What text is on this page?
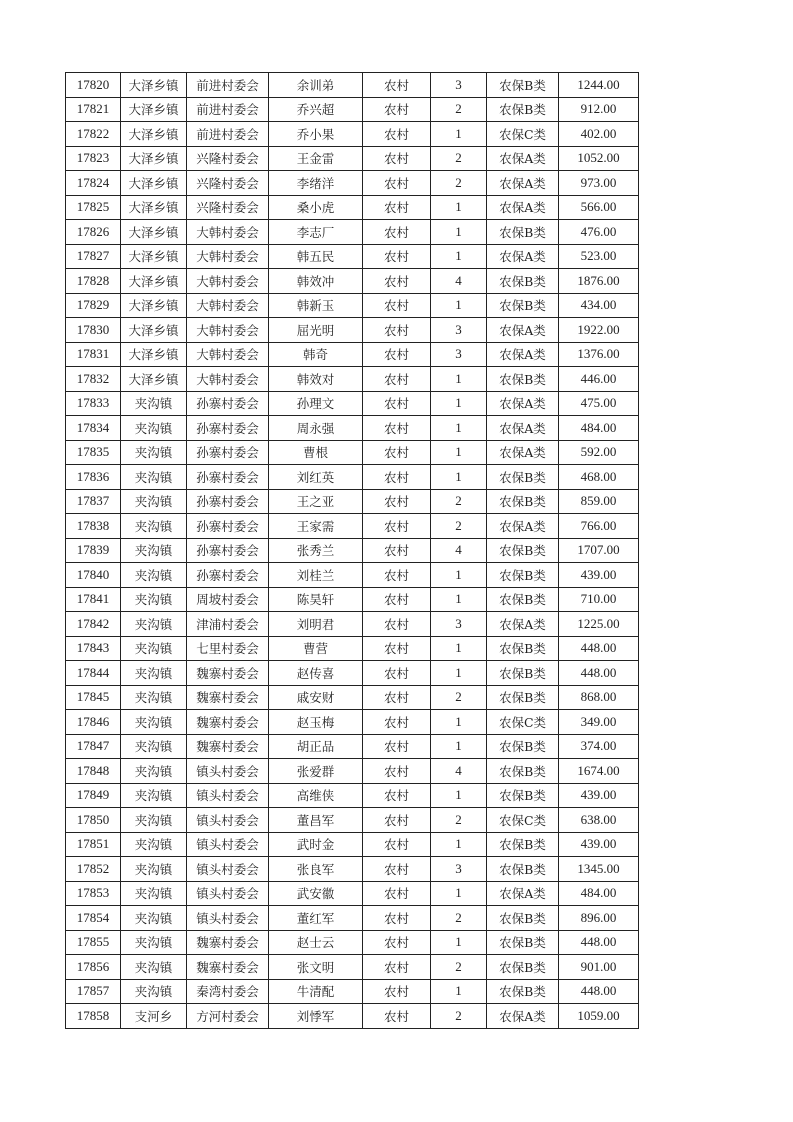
17820	大泽乡镇	前进村委会	余训弟	农村	3	农保B类	1244.00
17821	大泽乡镇	前进村委会	乔兴超	农村	2	农保B类	912.00
17822	大泽乡镇	前进村委会	乔小果	农村	1	农保C类	402.00
17823	大泽乡镇	兴隆村委会	王金雷	农村	2	农保A类	1052.00
17824	大泽乡镇	兴隆村委会	李绪洋	农村	2	农保A类	973.00
17825	大泽乡镇	兴隆村委会	桑小虎	农村	1	农保A类	566.00
17826	大泽乡镇	大韩村委会	李志厂	农村	1	农保B类	476.00
17827	大泽乡镇	大韩村委会	韩五民	农村	1	农保A类	523.00
17828	大泽乡镇	大韩村委会	韩效冲	农村	4	农保B类	1876.00
17829	大泽乡镇	大韩村委会	韩新玉	农村	1	农保B类	434.00
17830	大泽乡镇	大韩村委会	屈光明	农村	3	农保A类	1922.00
17831	大泽乡镇	大韩村委会	韩奇	农村	3	农保A类	1376.00
17832	大泽乡镇	大韩村委会	韩效对	农村	1	农保B类	446.00
17833	夹沟镇	孙寨村委会	孙理文	农村	1	农保A类	475.00
17834	夹沟镇	孙寨村委会	周永强	农村	1	农保A类	484.00
17835	夹沟镇	孙寨村委会	曹根	农村	1	农保A类	592.00
17836	夹沟镇	孙寨村委会	刘红英	农村	1	农保B类	468.00
17837	夹沟镇	孙寨村委会	王之亚	农村	2	农保B类	859.00
17838	夹沟镇	孙寨村委会	王家需	农村	2	农保A类	766.00
17839	夹沟镇	孙寨村委会	张秀兰	农村	4	农保B类	1707.00
17840	夹沟镇	孙寨村委会	刘桂兰	农村	1	农保B类	439.00
17841	夹沟镇	周坡村委会	陈昊轩	农村	1	农保B类	710.00
17842	夹沟镇	津浦村委会	刘明君	农村	3	农保A类	1225.00
17843	夹沟镇	七里村委会	曹营	农村	1	农保B类	448.00
17844	夹沟镇	魏寨村委会	赵传喜	农村	1	农保B类	448.00
17845	夹沟镇	魏寨村委会	戚安财	农村	2	农保B类	868.00
17846	夹沟镇	魏寨村委会	赵玉梅	农村	1	农保C类	349.00
17847	夹沟镇	魏寨村委会	胡正品	农村	1	农保B类	374.00
17848	夹沟镇	镇头村委会	张爱群	农村	4	农保B类	1674.00
17849	夹沟镇	镇头村委会	高维侠	农村	1	农保B类	439.00
17850	夹沟镇	镇头村委会	董昌军	农村	2	农保C类	638.00
17851	夹沟镇	镇头村委会	武时金	农村	1	农保B类	439.00
17852	夹沟镇	镇头村委会	张良军	农村	3	农保B类	1345.00
17853	夹沟镇	镇头村委会	武安徽	农村	1	农保A类	484.00
17854	夹沟镇	镇头村委会	董红军	农村	2	农保B类	896.00
17855	夹沟镇	魏寨村委会	赵士云	农村	1	农保B类	448.00
17856	夹沟镇	魏寨村委会	张文明	农村	2	农保B类	901.00
17857	夹沟镇	秦湾村委会	牛清配	农村	1	农保B类	448.00
17858	支河乡	方河村委会	刘悸军	农村	2	农保A类	1059.00
